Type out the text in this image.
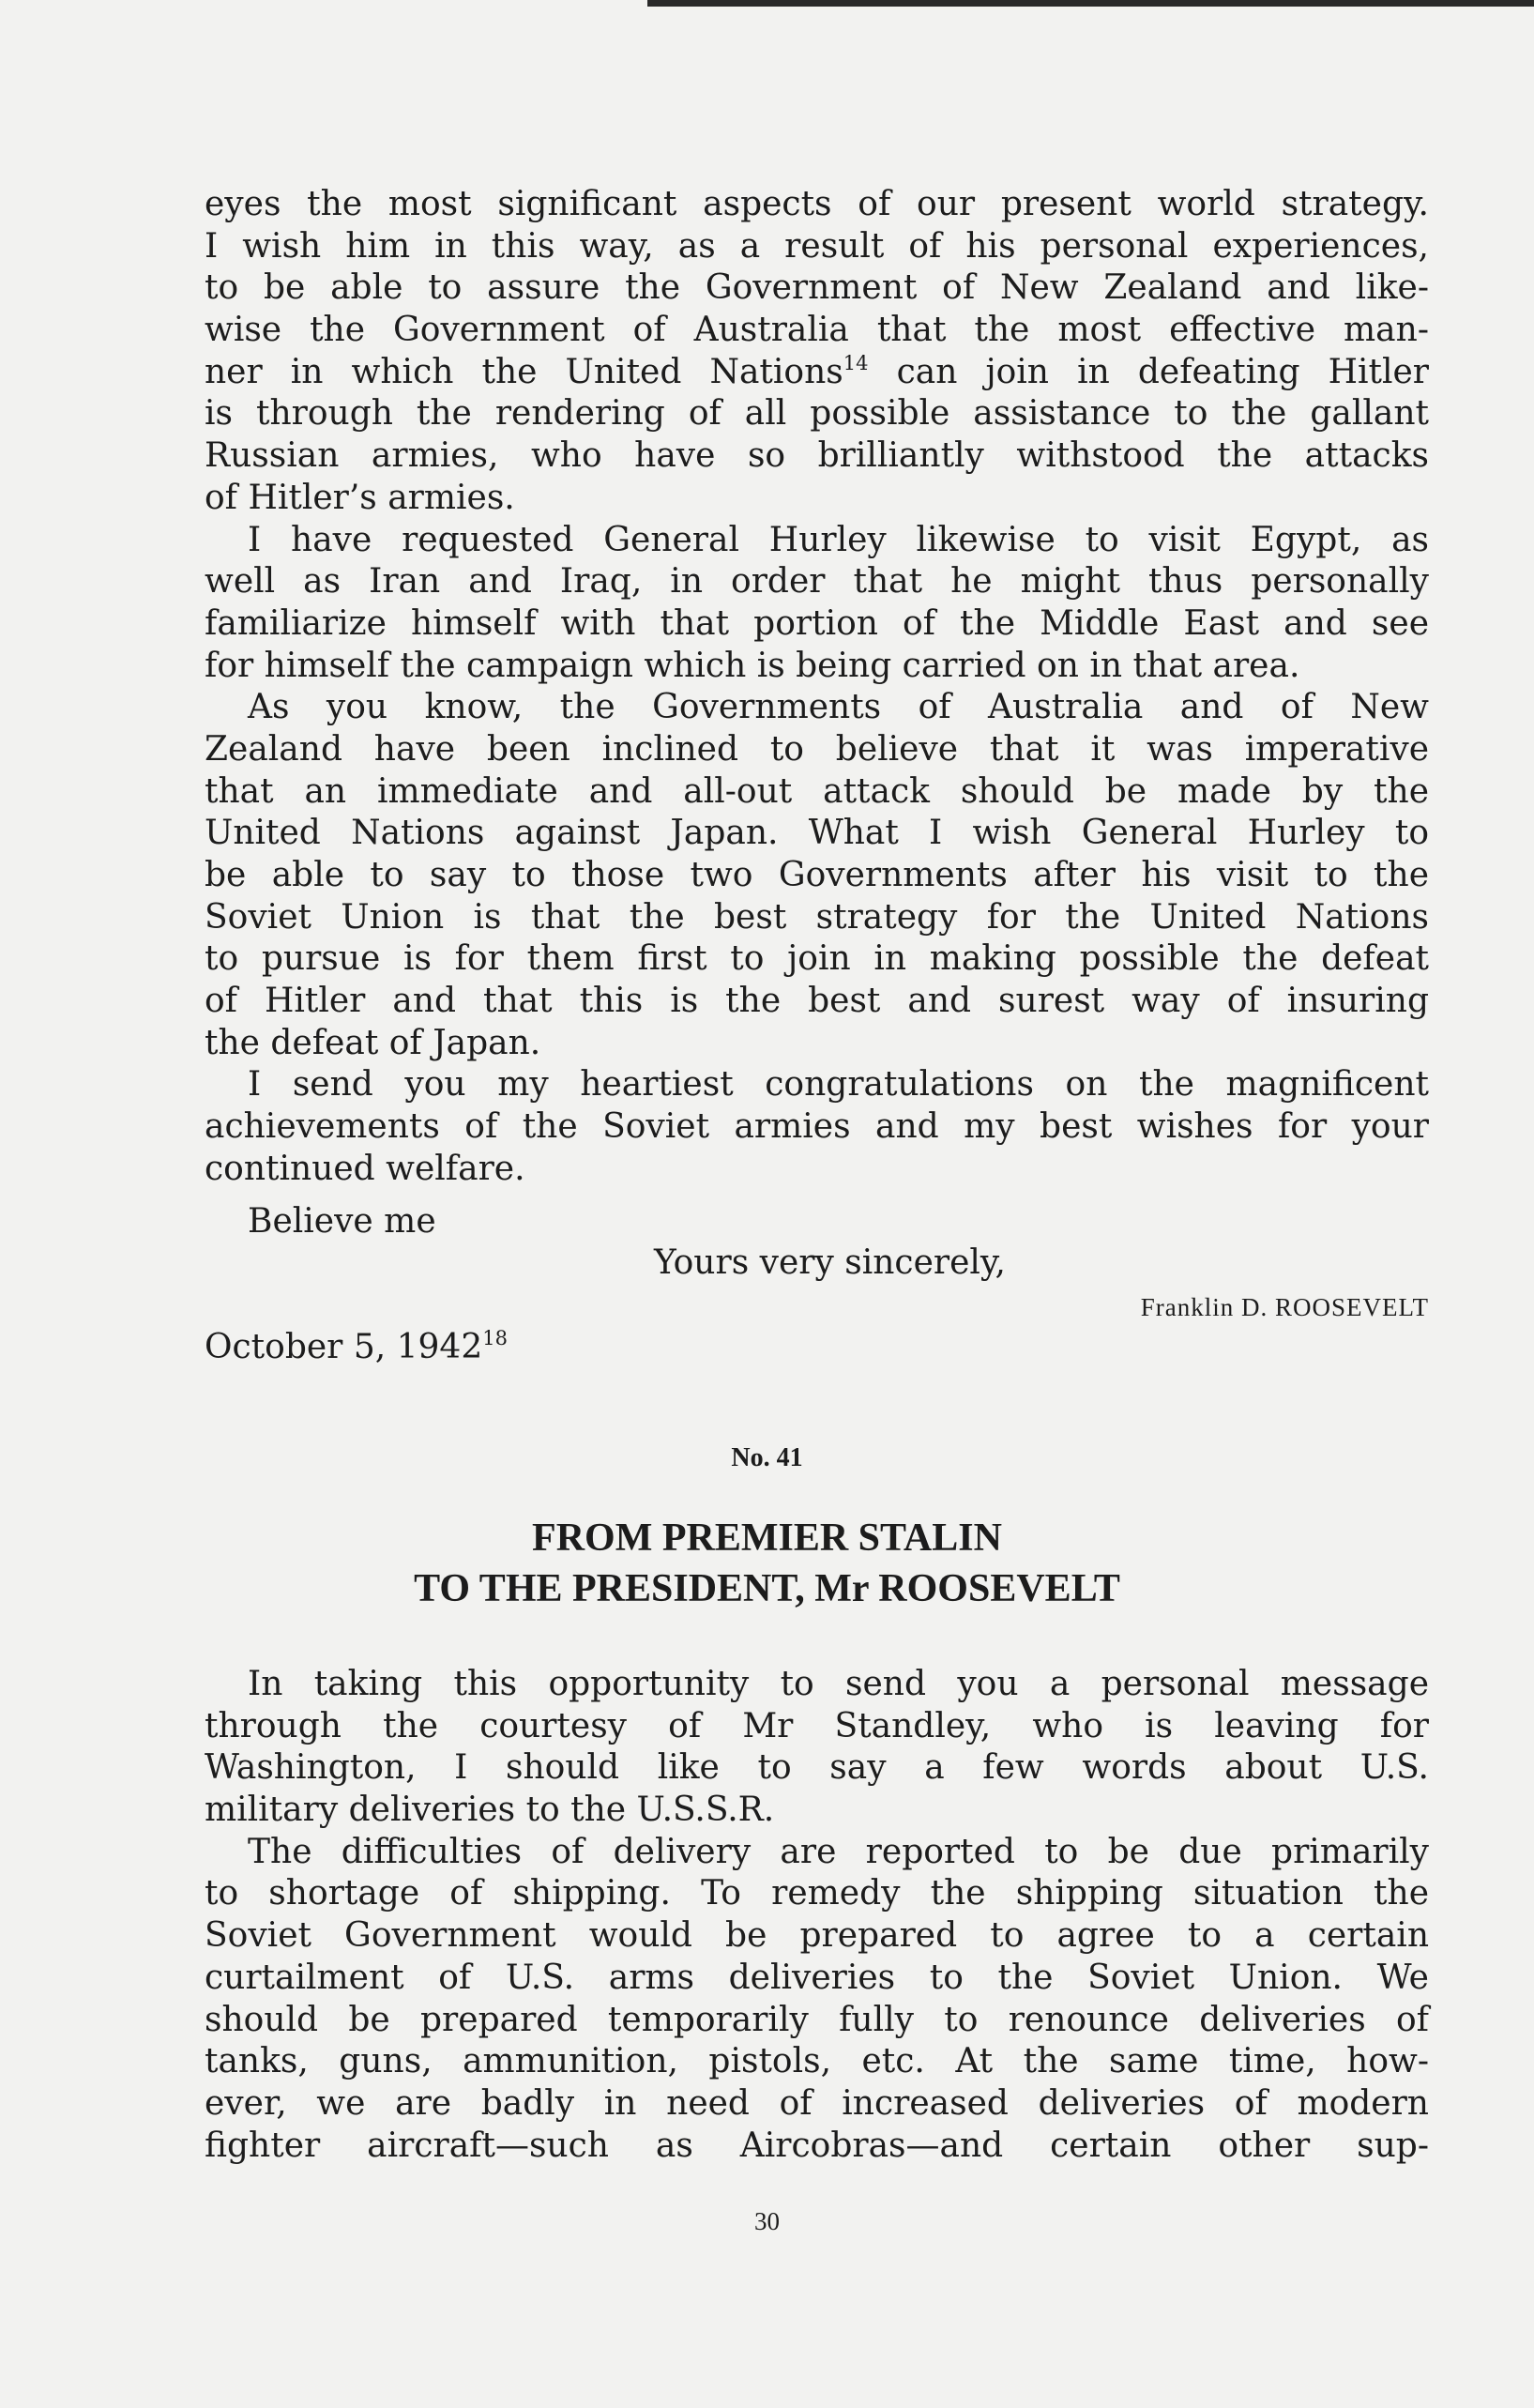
eyes the most significant aspects of our present world strategy.
I wish him in this way, as a result of his personal experiences,
to be able to assure the Government of New Zealand and like-
wise the Government of Australia that the most effective man-
ner in which the United Nations$^{14}$ can join in defeating Hitler
is through the rendering of all possible assistance to the gallant
Russian armies, who have so brilliantly withstood the attacks
of Hitler’s armies.
I have requested General Hurley likewise to visit Egypt, as
well as Iran and Iraq, in order that he might thus personally
familiarize himself with that portion of the Middle East and see
for himself the campaign which is being carried on in that area.
As you know, the Governments of Australia and of New
Zealand have been inclined to believe that it was imperative
that an immediate and all-out attack should be made by the
United Nations against Japan. What I wish General Hurley to
be able to say to those two Governments after his visit to the
Soviet Union is that the best strategy for the United Nations
to pursue is for them first to join in making possible the defeat
of Hitler and that this is the best and surest way of insuring
the defeat of Japan.
I send you my heartiest congratulations on the magnificent
achievements of the Soviet armies and my best wishes for your
continued welfare.
Believe me
Yours very sincerely,
Franklin D. ROOSEVELT
October 5, 1942$^{18}$
No. 41
FROM PREMIER STALIN
TO THE PRESIDENT, Mr ROOSEVELT
In taking this opportunity to send you a personal message
through the courtesy of Mr Standley, who is leaving for
Washington, I should like to say a few words about U.S.
military deliveries to the U.S.S.R.
The difficulties of delivery are reported to be due primarily
to shortage of shipping. To remedy the shipping situation the
Soviet Government would be prepared to agree to a certain
curtailment of U.S. arms deliveries to the Soviet Union. We
should be prepared temporarily fully to renounce deliveries of
tanks, guns, ammunition, pistols, etc. At the same time, how-
ever, we are badly in need of increased deliveries of modern
fighter aircraft—such as Aircobras—and certain other sup-
30
